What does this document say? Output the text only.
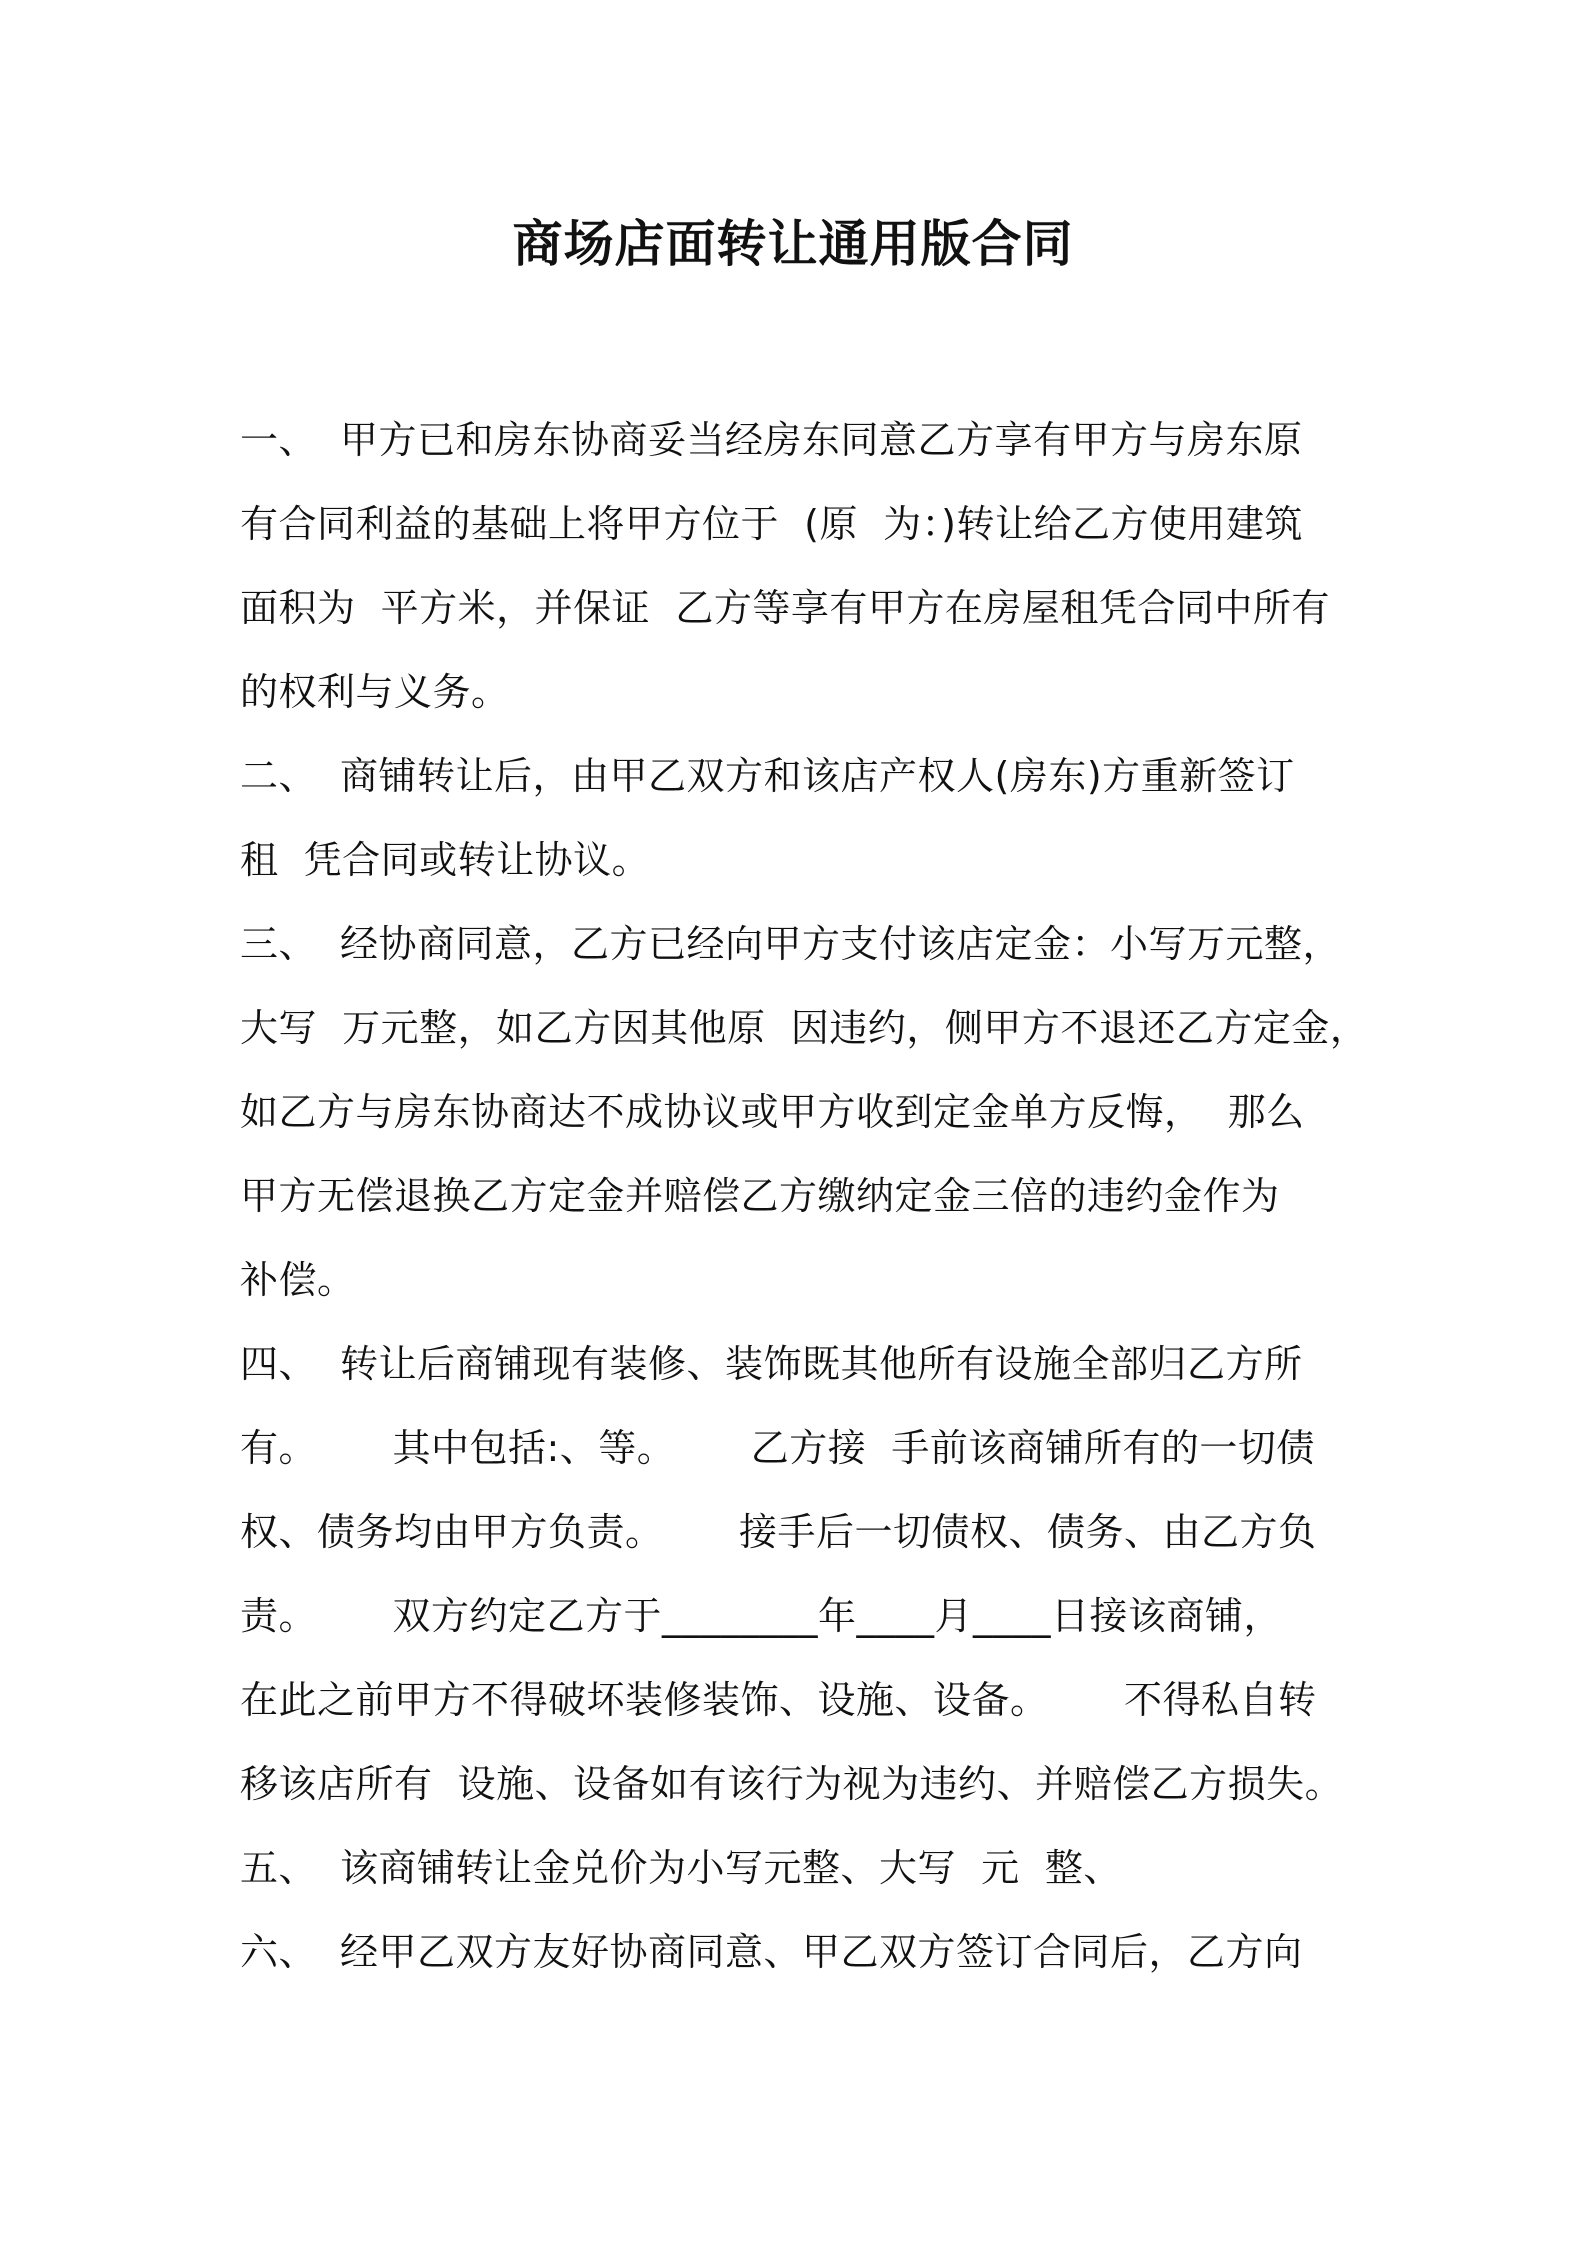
商场店面转让通用版合同
一、 甲方已和房东协商妥当经房东同意乙方享有甲方与房东原
有合同利益的基础上将甲方位于  (原  为：)转让给乙方使用建筑
面积为  平方米，并保证  乙方等享有甲方在房屋租凭合同中所有
的权利与义务。
二、 商铺转让后，由甲乙双方和该店产权人(房东)方重新签订
租  凭合同或转让协议。
三、 经协商同意，乙方已经向甲方支付该店定金：小写万元整，
大写  万元整，如乙方因其他原  因违约，侧甲方不退还乙方定金，
如乙方与房东协商达不成协议或甲方收到定金单方反悔，  那么
甲方无偿退换乙方定金并赔偿乙方缴纳定金三倍的违约金作为
补偿。
四、 转让后商铺现有装修、装饰既其他所有设施全部归乙方所
有。      其中包括:、等。      乙方接  手前该商铺所有的一切债
权、债务均由甲方负责。      接手后一切债权、债务、由乙方负
责。      双方约定乙方于________年____月____日接该商铺，
在此之前甲方不得破坏装修装饰、设施、设备。      不得私自转
移该店所有  设施、设备如有该行为视为违约、并赔偿乙方损失。
五、 该商铺转让金兑价为小写元整、大写  元  整、
六、 经甲乙双方友好协商同意、甲乙双方签订合同后，乙方向
